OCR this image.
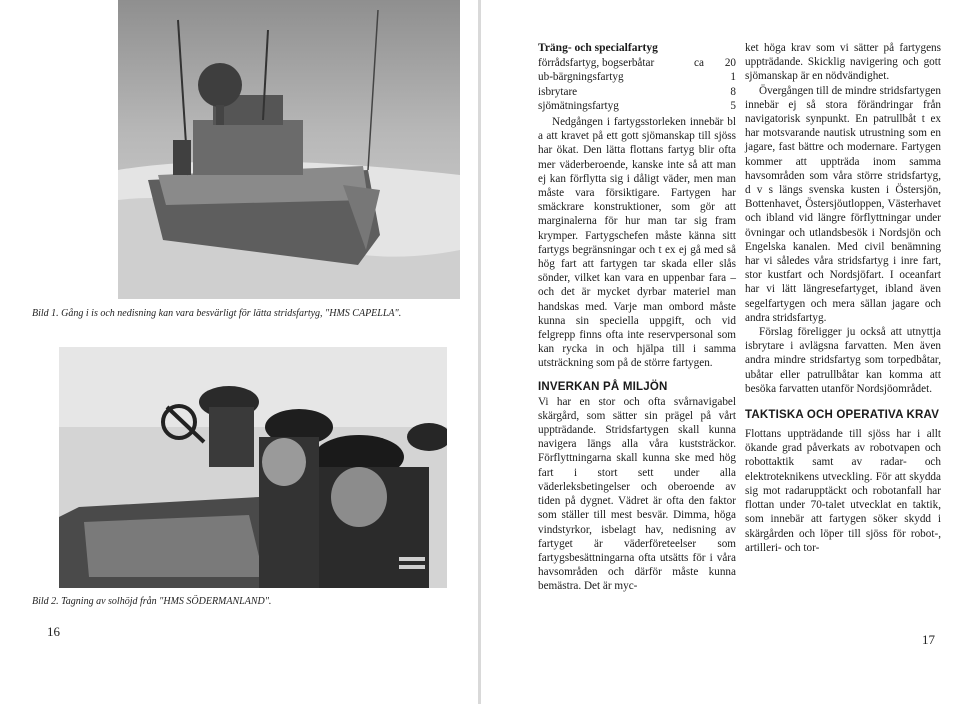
Bild 1. Gång i is och nedisning kan vara besvärligt för lätta stridsfartyg, "HMS CAPELLA".
Bild 2. Tagning av solhöjd från "HMS SÖDERMANLAND".
16
Träng- och specialfartyg
förrådsfartyg, bogserbåtar	ca	20
ub-bärgningsfartyg	1
isbrytare	8
sjömätningsfartyg	5

Nedgången i fartygsstorleken innebär bl a att kravet på ett gott sjömanskap till sjöss har ökat. Den lätta flottans fartyg blir ofta mer väderberoende, kanske inte så att man ej kan förflytta sig i dåligt väder, men man måste vara försiktigare. Fartygen har smäckrare konstruktioner, som gör att marginalerna för hur man tar sig fram krymper. Fartygschefen måste känna sitt fartygs begränsningar och t ex ej gå med så hög fart att fartygen tar skada eller slås sönder, vilket kan vara en uppenbar fara – och det är mycket dyrbar materiel man handskas med. Varje man ombord måste kunna sin speciella uppgift, och vid felgrepp finns ofta inte reservpersonal som kan rycka in och hjälpa till i samma utsträckning som på de större fartygen.

INVERKAN PÅ MILJÖN

Vi har en stor och ofta svårnavigabel skärgård, som sätter sin prägel på vårt uppträdande. Stridsfartygen skall kunna navigera längs alla våra kuststräckor. Förflyttningarna skall kunna ske med hög fart i stort sett under alla väderleksbetingelser och oberoende av tiden på dygnet. Vädret är ofta den faktor som ställer till mest besvär. Dimma, höga vindstyrkor, isbelagt hav, nedisning av fartyget är väderföreteelser som fartygsbesättningarna ofta utsätts för i våra havsområden och därför måste kunna bemästra. Det är myc-

ket höga krav som vi sätter på fartygens uppträdande. Skicklig navigering och gott sjömanskap är en nödvändighet.

Övergången till de mindre stridsfartygen innebär ej så stora förändringar från navigatorisk synpunkt. En patrullbåt t ex har motsvarande nautisk utrustning som en jagare, fast bättre och modernare. Fartygen kommer att uppträda inom samma havsområden som våra större stridsfartyg, d v s längs svenska kusten i Östersjön, Bottenhavet, Östersjöutloppen, Västerhavet och ibland vid längre förflyttningar under övningar och utlandsbesök i Nordsjön och Engelska kanalen. Med civil benämning har vi således våra stridsfartyg i inre fart, stor kustfart och Nordsjöfart. I oceanfart har vi lätt längresefartyget, ibland även segelfartygen och mera sällan jagare och andra stridsfartyg.

Förslag föreligger ju också att utnyttja isbrytare i avlägsna farvatten. Men även andra mindre stridsfartyg som torpedbåtar, ubåtar eller patrullbåtar kan komma att besöka farvatten utanför Nordsjöområdet.

TAKTISKA OCH OPERATIVA KRAV

Flottans uppträdande till sjöss har i allt ökande grad påverkats av robotvapen och robottaktik samt av radar- och elektroteknikens utveckling. För att skydda sig mot radarupptäckt och robotanfall har flottan under 70-talet utvecklat en taktik, som innebär att fartygen söker skydd i skärgården och löper till sjöss för robot-, artilleri- och tor-

17
